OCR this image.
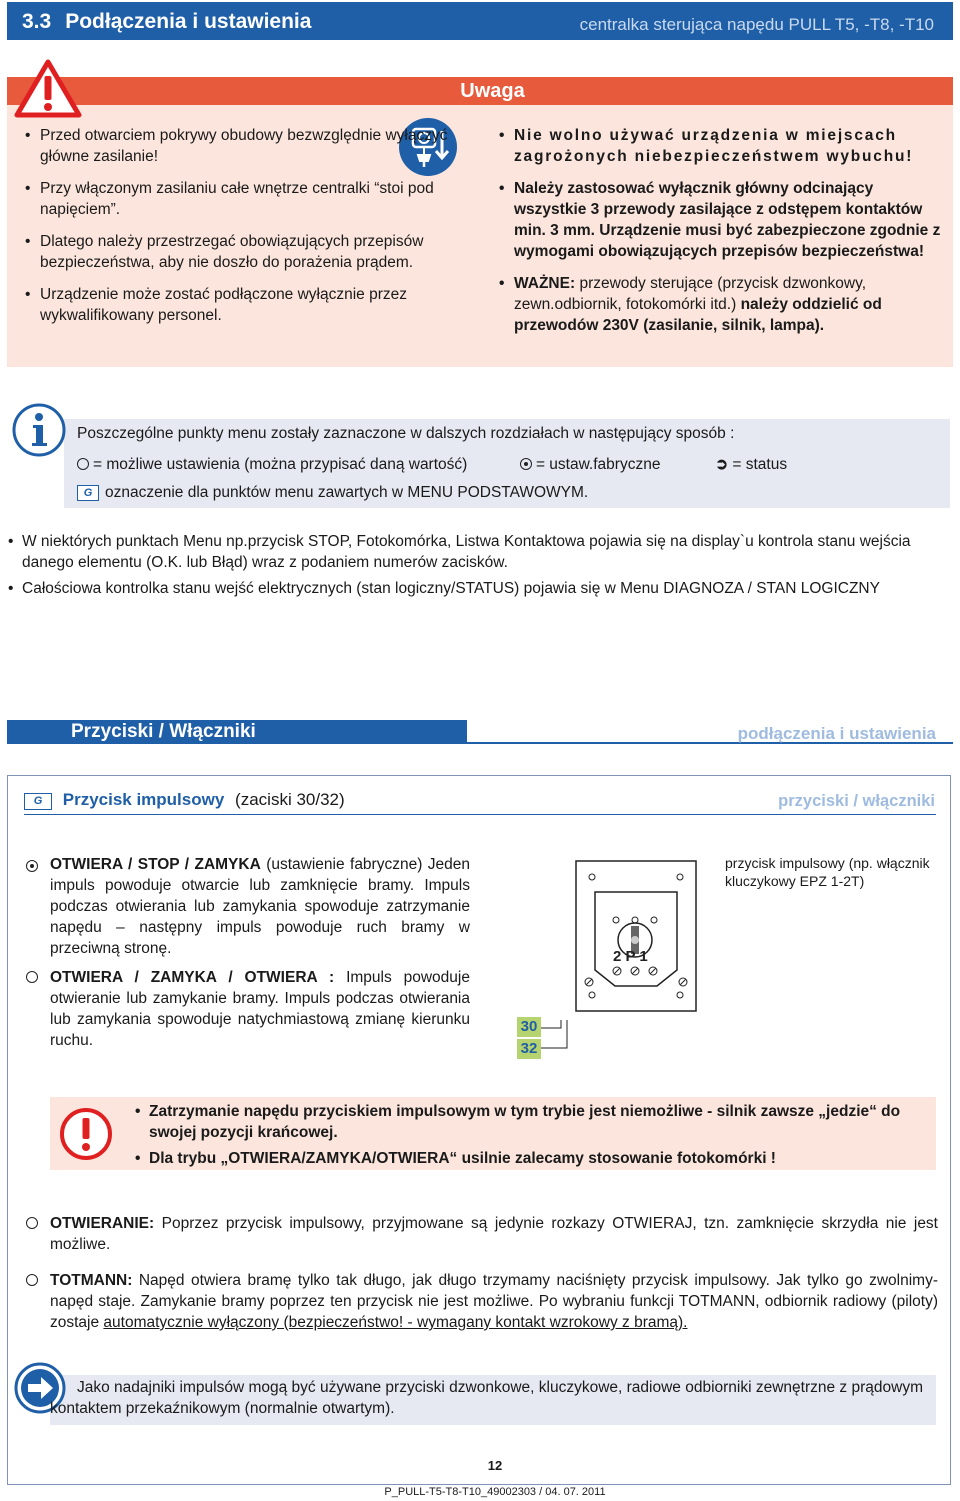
3.3 Podłączenia i ustawienia	centralka sterująca napędu PULL T5, -T8, -T10
Uwaga
• Przed otwarciem pokrywy obudowy bezwzględnie wyłączyć główne zasilanie!
• Przy włączonym zasilaniu całe wnętrze centralki “stoi pod napięciem”.
• Dlatego należy przestrzegać obowiązujących przepisów bezpieczeństwa, aby nie doszło do porażenia prądem.
• Urządzenie może zostać podłączone wyłącznie przez wykwalifikowany personel.
• Nie wolno używać urządzenia w miejscach zagrożonych niebezpieczeństwem wybuchu!
• Należy zastosować wyłącznik główny odcinający wszystkie 3 przewody zasilające z odstępem kontaktów min. 3 mm. Urządzenie musi być zabezpieczone zgodnie z wymogami obowiązujących przepisów bezpieczeństwa!
• WAŻNE: przewody sterujące (przycisk dzwonkowy, zewn.odbiornik, fotokomórki itd.) należy oddzielić od przewodów 230V (zasilanie, silnik, lampa).
Poszczególne punkty menu zostały zaznaczone w dalszych rozdziałach w następujący sposób :
= możliwe ustawienia (można przypisać daną wartość)	= ustaw.fabryczne	➲ = status
G oznaczenie dla punktów menu zawartych w MENU PODSTAWOWYM.
• W niektórych punktach Menu np.przycisk STOP, Fotokomórka, Listwa Kontaktowa pojawia się na display`u kontrola stanu wejścia danego elementu (O.K. lub Błąd) wraz z podaniem numerów zacisków.
• Całościowa kontrolka stanu wejść elektrycznych (stan logiczny/STATUS) pojawia się w Menu DIAGNOZA / STAN LOGICZNY
Przyciski / Włączniki	podłączenia i ustawienia
G Przycisk impulsowy (zaciski 30/32)	przyciski / włączniki
OTWIERA / STOP / ZAMYKA (ustawienie fabryczne) Jeden impuls powoduje otwarcie lub zamknięcie bramy. Impuls podczas otwierania lub zamykania spowoduje zatrzymanie napędu – następny impuls powoduje ruch bramy w przeciwną stronę.
OTWIERA / ZAMYKA / OTWIERA : Impuls powoduje otwieranie lub zamykanie bramy. Impuls podczas otwierania lub zamykania spowoduje natychmiastową zmianę kierunku ruchu.
2 P 1
30
32
przycisk impulsowy (np. włącznik kluczykowy EPZ 1-2T)
• Zatrzymanie napędu przyciskiem impulsowym w tym trybie jest niemożliwe - silnik zawsze „jedzie“ do swojej pozycji krańcowej.
• Dla trybu „OTWIERA/ZAMYKA/OTWIERA“ usilnie zalecamy stosowanie fotokomórki !
OTWIERANIE: Poprzez przycisk impulsowy, przyjmowane są jedynie rozkazy OTWIERAJ, tzn. zamknięcie skrzydła nie jest możliwe.
TOTMANN: Napęd otwiera bramę tylko tak długo, jak długo trzymamy naciśnięty przycisk impulsowy. Jak tylko go zwolnimy-napęd staje. Zamykanie bramy poprzez ten przycisk nie jest możliwe. Po wybraniu funkcji TOTMANN, odbiornik radiowy (piloty) zostaje automatycznie wyłączony (bezpieczeństwo! - wymagany kontakt wzrokowy z bramą).
Jako nadajniki impulsów mogą być używane przyciski dzwonkowe, kluczykowe, radiowe odbiorniki zewnętrzne z prądowym kontaktem przekaźnikowym (normalnie otwartym).
12
P_PULL-T5-T8-T10_49002303 / 04. 07. 2011
